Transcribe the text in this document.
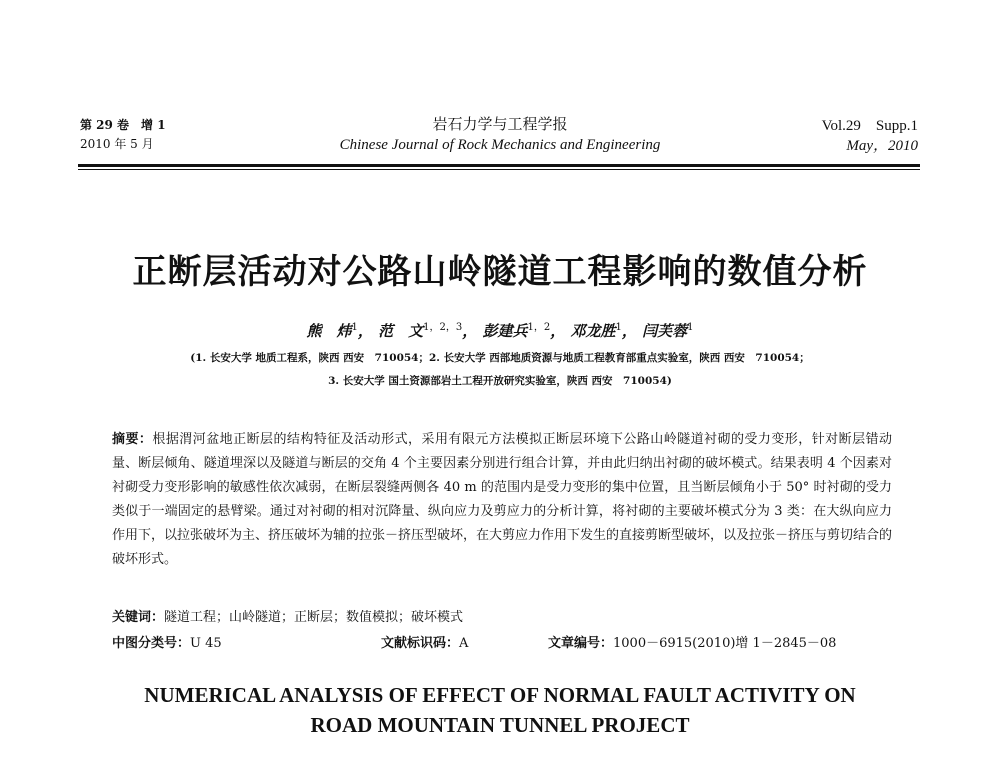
第 29 卷　增 1
2010 年 5 月
岩石力学与工程学报
Chinese Journal of Rock Mechanics and Engineering
Vol.29　Supp.1
May，2010
正断层活动对公路山岭隧道工程影响的数值分析
熊　炜$^1$， 范　文$^{1,2,3}$， 彭建兵$^{1,2}$， 邓龙胜$^1$， 闫芙蓉$^1$
(1. 长安大学 地质工程系，陕西 西安　710054；2. 长安大学 西部地质资源与地质工程教育部重点实验室，陕西 西安　710054；
3. 长安大学 国土资源部岩土工程开放研究实验室，陕西 西安　710054)
摘要：根据渭河盆地正断层的结构特征及活动形式，采用有限元方法模拟正断层环境下公路山岭隧道衬砌的受力变形，针对断层错动量、断层倾角、隧道埋深以及隧道与断层的交角 4 个主要因素分别进行组合计算，并由此归纳出衬砌的破坏模式。结果表明 4 个因素对衬砌受力变形影响的敏感性依次减弱，在断层裂缝两侧各 40 m 的范围内是受力变形的集中位置，且当断层倾角小于 50° 时衬砌的受力类似于一端固定的悬臂梁。通过对衬砌的相对沉降量、纵向应力及剪应力的分析计算，将衬砌的主要破坏模式分为 3 类：在大纵向应力作用下，以拉张破坏为主、挤压破坏为辅的拉张－挤压型破坏，在大剪应力作用下发生的直接剪断型破坏，以及拉张－挤压与剪切结合的破坏形式。
关键词：隧道工程；山岭隧道；正断层；数值模拟；破坏模式
中图分类号：U 45	文献标识码：A	文章编号：1000－6915(2010)增 1－2845－08
NUMERICAL ANALYSIS OF EFFECT OF NORMAL FAULT ACTIVITY ON
ROAD MOUNTAIN TUNNEL PROJECT
